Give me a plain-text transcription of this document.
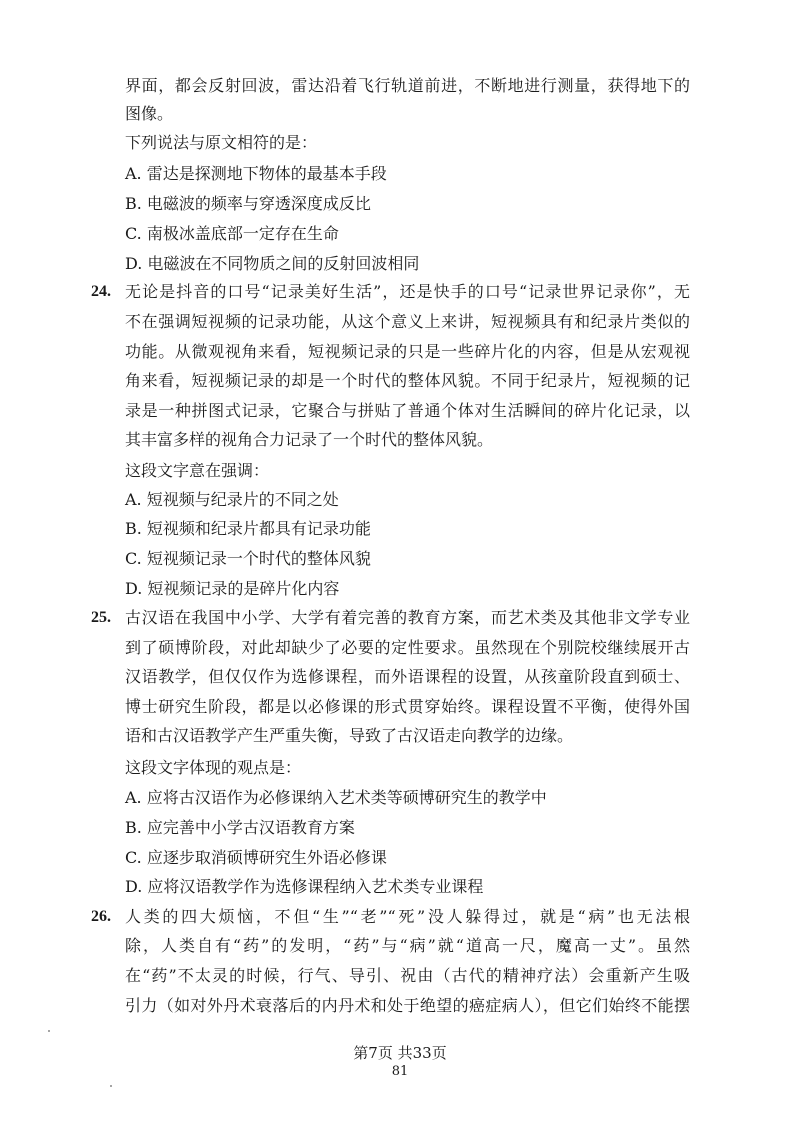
界面，都会反射回波，雷达沿着飞行轨道前进，不断地进行测量，获得地下的
图像。
下列说法与原文相符的是：
A. 雷达是探测地下物体的最基本手段
B. 电磁波的频率与穿透深度成反比
C. 南极冰盖底部一定存在生命
D. 电磁波在不同物质之间的反射回波相同
24. 无论是抖音的口号“记录美好生活”，还是快手的口号“记录世界记录你”，无
不在强调短视频的记录功能，从这个意义上来讲，短视频具有和纪录片类似的
功能。从微观视角来看，短视频记录的只是一些碎片化的内容，但是从宏观视
角来看，短视频记录的却是一个时代的整体风貌。不同于纪录片，短视频的记
录是一种拼图式记录，它聚合与拼贴了普通个体对生活瞬间的碎片化记录，以
其丰富多样的视角合力记录了一个时代的整体风貌。
这段文字意在强调：
A. 短视频与纪录片的不同之处
B. 短视频和纪录片都具有记录功能
C. 短视频记录一个时代的整体风貌
D. 短视频记录的是碎片化内容
25. 古汉语在我国中小学、大学有着完善的教育方案，而艺术类及其他非文学专业
到了硕博阶段，对此却缺少了必要的定性要求。虽然现在个别院校继续展开古
汉语教学，但仅仅作为选修课程，而外语课程的设置，从孩童阶段直到硕士、
博士研究生阶段，都是以必修课的形式贯穿始终。课程设置不平衡，使得外国
语和古汉语教学产生严重失衡，导致了古汉语走向教学的边缘。
这段文字体现的观点是：
A. 应将古汉语作为必修课纳入艺术类等硕博研究生的教学中
B. 应完善中小学古汉语教育方案
C. 应逐步取消硕博研究生外语必修课
D. 应将汉语教学作为选修课程纳入艺术类专业课程
26. 人类的四大烦恼，不但“生”“老”“死”没人躲得过，就是“病”也无法根
除，人类自有“药”的发明，“药”与“病”就“道高一尺，魔高一丈”。虽然
在“药”不太灵的时候，行气、导引、祝由（古代的精神疗法）会重新产生吸
引力（如对外丹术衰落后的内丹术和处于绝望的癌症病人），但它们始终不能摆
第7页 共33页
81
